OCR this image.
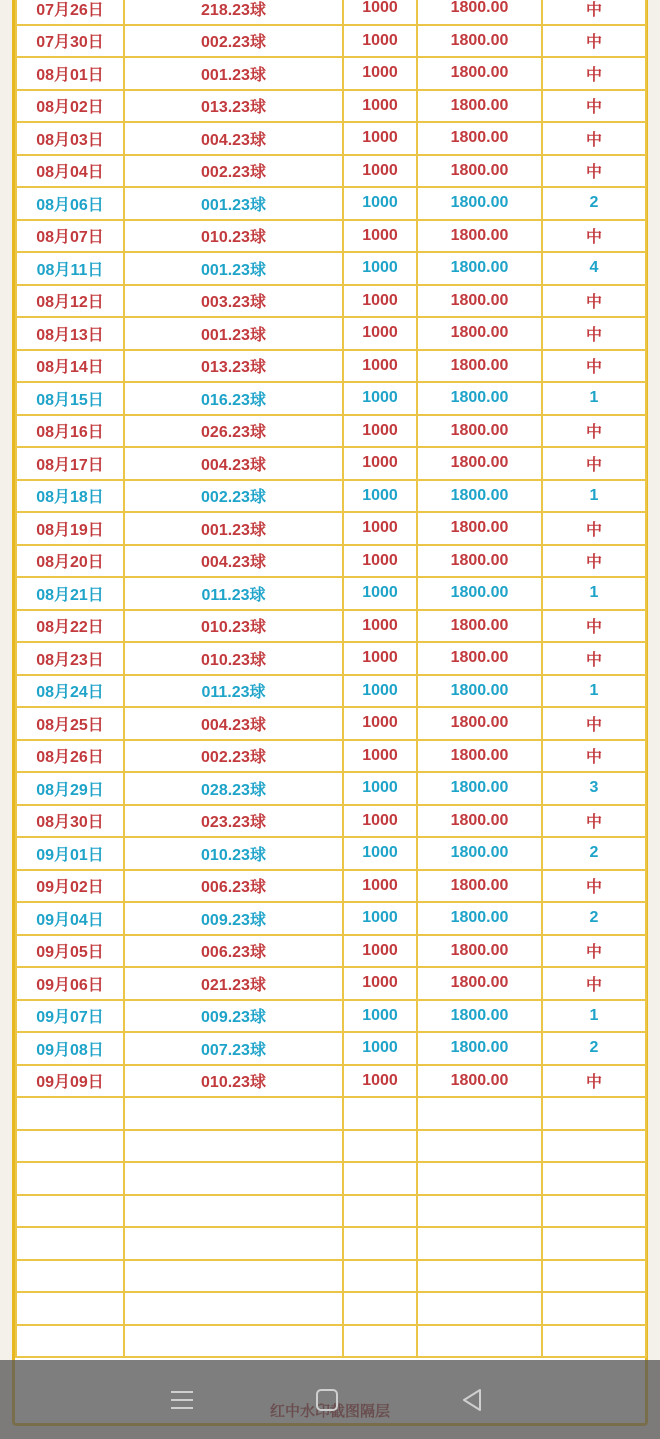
07月26日	218.23球	1000	1800.00	中
07月30日	002.23球	1000	1800.00	中
08月01日	001.23球	1000	1800.00	中
08月02日	013.23球	1000	1800.00	中
08月03日	004.23球	1000	1800.00	中
08月04日	002.23球	1000	1800.00	中
08月06日	001.23球	1000	1800.00	2
08月07日	010.23球	1000	1800.00	中
08月11日	001.23球	1000	1800.00	4
08月12日	003.23球	1000	1800.00	中
08月13日	001.23球	1000	1800.00	中
08月14日	013.23球	1000	1800.00	中
08月15日	016.23球	1000	1800.00	1
08月16日	026.23球	1000	1800.00	中
08月17日	004.23球	1000	1800.00	中
08月18日	002.23球	1000	1800.00	1
08月19日	001.23球	1000	1800.00	中
08月20日	004.23球	1000	1800.00	中
08月21日	011.23球	1000	1800.00	1
08月22日	010.23球	1000	1800.00	中
08月23日	010.23球	1000	1800.00	中
08月24日	011.23球	1000	1800.00	1
08月25日	004.23球	1000	1800.00	中
08月26日	002.23球	1000	1800.00	中
08月29日	028.23球	1000	1800.00	3
08月30日	023.23球	1000	1800.00	中
09月01日	010.23球	1000	1800.00	2
09月02日	006.23球	1000	1800.00	中
09月04日	009.23球	1000	1800.00	2
09月05日	006.23球	1000	1800.00	中
09月06日	021.23球	1000	1800.00	中
09月07日	009.23球	1000	1800.00	1
09月08日	007.23球	1000	1800.00	2
09月09日	010.23球	1000	1800.00	中
